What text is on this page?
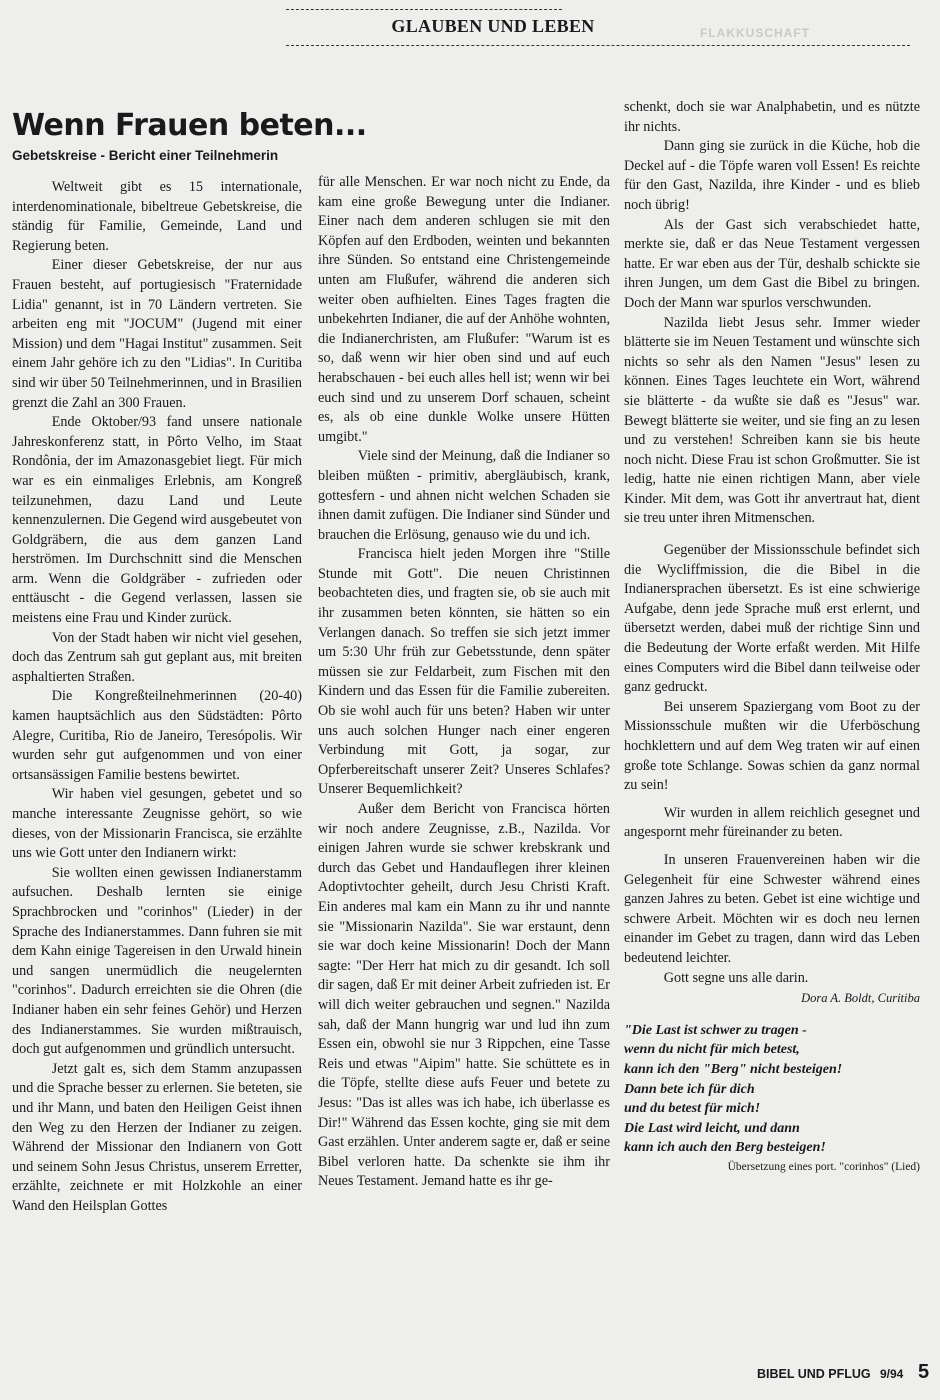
GLAUBEN UND LEBEN	FLAKKUSCHAFT
Wenn Frauen beten...
Gebetskreise - Bericht einer Teilnehmerin

Weltweit gibt es 15 internationale, interdenominationale, bibeltreue Gebetskreise, die ständig für Familie, Gemeinde, Land und Regierung beten.

Einer dieser Gebetskreise, der nur aus Frauen besteht, auf portugiesisch "Fraternidade Lidia" genannt, ist in 70 Ländern vertreten. Sie arbeiten eng mit "JOCUM" (Jugend mit einer Mission) und dem "Hagai Institut" zusammen. Seit einem Jahr gehöre ich zu den "Lidias". In Curitiba sind wir über 50 Teilnehmerinnen, und in Brasilien grenzt die Zahl an 300 Frauen.

Ende Oktober/93 fand unsere nationale Jahreskonferenz statt, in Pôrto Velho, im Staat Rondônia, der im Amazonasgebiet liegt. Für mich war es ein einmaliges Erlebnis, am Kongreß teilzunehmen, dazu Land und Leute kennenzulernen. Die Gegend wird ausgebeutet von Goldgräbern, die aus dem ganzen Land herströmen. Im Durchschnitt sind die Menschen arm. Wenn die Goldgräber - zufrieden oder enttäuscht - die Gegend verlassen, lassen sie meistens eine Frau und Kinder zurück.

Von der Stadt haben wir nicht viel gesehen, doch das Zentrum sah gut geplant aus, mit breiten asphaltierten Straßen.

Die Kongreßteilnehmerinnen (20-40) kamen hauptsächlich aus den Südstädten: Pôrto Alegre, Curitiba, Rio de Janeiro, Teresópolis. Wir wurden sehr gut aufgenommen und von einer ortsansässigen Familie bestens bewirtet.

Wir haben viel gesungen, gebetet und so manche interessante Zeugnisse gehört, so wie dieses, von der Missionarin Francisca, sie erzählte uns wie Gott unter den Indianern wirkt:

Sie wollten einen gewissen Indianerstamm aufsuchen. Deshalb lernten sie einige Sprachbrocken und "corinhos" (Lieder) in der Sprache des Indianerstammes. Dann fuhren sie mit dem Kahn einige Tagereisen in den Urwald hinein und sangen unermüdlich die neugelernten "corinhos". Dadurch erreichten sie die Ohren (die Indianer haben ein sehr feines Gehör) und Herzen des Indianerstammes. Sie wurden mißtrauisch, doch gut aufgenommen und gründlich untersucht.

Jetzt galt es, sich dem Stamm anzupassen und die Sprache besser zu erlernen. Sie beteten, sie und ihr Mann, und baten den Heiligen Geist ihnen den Weg zu den Herzen der Indianer zu zeigen. Während der Missionar den Indianern von Gott und seinem Sohn Jesus Christus, unserem Erretter, erzählte, zeichnete er mit Holzkohle an einer Wand den Heilsplan Gottes

für alle Menschen. Er war noch nicht zu Ende, da kam eine große Bewegung unter die Indianer. Einer nach dem anderen schlugen sie mit den Köpfen auf den Erdboden, weinten und bekannten ihre Sünden. So entstand eine Christengemeinde unten am Flußufer, während die anderen sich weiter oben aufhielten. Eines Tages fragten die unbekehrten Indianer, die auf der Anhöhe wohnten, die Indianerchristen, am Flußufer: "Warum ist es so, daß wenn wir hier oben sind und auf euch herabschauen - bei euch alles hell ist; wenn wir bei euch sind und zu unserem Dorf schauen, scheint es, als ob eine dunkle Wolke unsere Hütten umgibt."

Viele sind der Meinung, daß die Indianer so bleiben müßten - primitiv, abergläubisch, krank, gottesfern - und ahnen nicht welchen Schaden sie ihnen damit zufügen. Die Indianer sind Sünder und brauchen die Erlösung, genauso wie du und ich.

Francisca hielt jeden Morgen ihre "Stille Stunde mit Gott". Die neuen Christinnen beobachteten dies, und fragten sie, ob sie auch mit ihr zusammen beten könnten, sie hätten so ein Verlangen danach. So treffen sie sich jetzt immer um 5:30 Uhr früh zur Gebetsstunde, denn später müssen sie zur Feldarbeit, zum Fischen mit den Kindern und das Essen für die Familie zubereiten. Ob sie wohl auch für uns beten? Haben wir unter uns auch solchen Hunger nach einer engeren Verbindung mit Gott, ja sogar, zur Opferbereitschaft unserer Zeit? Unseres Schlafes? Unserer Bequemlichkeit?

Außer dem Bericht von Francisca hörten wir noch andere Zeugnisse, z.B., Nazilda. Vor einigen Jahren wurde sie schwer krebskrank und durch das Gebet und Handauflegen ihrer kleinen Adoptivtochter geheilt, durch Jesu Christi Kraft. Ein anderes mal kam ein Mann zu ihr und nannte sie "Missionarin Nazilda". Sie war erstaunt, denn sie war doch keine Missionarin! Doch der Mann sagte: "Der Herr hat mich zu dir gesandt. Ich soll dir sagen, daß Er mit deiner Arbeit zufrieden ist. Er will dich weiter gebrauchen und segnen." Nazilda sah, daß der Mann hungrig war und lud ihn zum Essen ein, obwohl sie nur 3 Rippchen, eine Tasse Reis und etwas "Aipim" hatte. Sie schüttete es in die Töpfe, stellte diese aufs Feuer und betete zu Jesus: "Das ist alles was ich habe, ich überlasse es Dir!" Während das Essen kochte, ging sie mit dem Gast erzählen. Unter anderem sagte er, daß er seine Bibel verloren hatte. Da schenkte sie ihm ihr Neues Testament. Jemand hatte es ihr ge-

schenkt, doch sie war Analphabetin, und es nützte ihr nichts.

Dann ging sie zurück in die Küche, hob die Deckel auf - die Töpfe waren voll Essen! Es reichte für den Gast, Nazilda, ihre Kinder - und es blieb noch übrig!

Als der Gast sich verabschiedet hatte, merkte sie, daß er das Neue Testament vergessen hatte. Er war eben aus der Tür, deshalb schickte sie ihren Jungen, um dem Gast die Bibel zu bringen. Doch der Mann war spurlos verschwunden.

Nazilda liebt Jesus sehr. Immer wieder blätterte sie im Neuen Testament und wünschte sich nichts so sehr als den Namen "Jesus" lesen zu können. Eines Tages leuchtete ein Wort, während sie blätterte - da wußte sie daß es "Jesus" war. Bewegt blätterte sie weiter, und sie fing an zu lesen und zu verstehen! Schreiben kann sie bis heute noch nicht. Diese Frau ist schon Großmutter. Sie ist ledig, hatte nie einen richtigen Mann, aber viele Kinder. Mit dem, was Gott ihr anvertraut hat, dient sie treu unter ihren Mitmenschen.

Gegenüber der Missionsschule befindet sich die Wycliffmission, die die Bibel in die Indianersprachen übersetzt. Es ist eine schwierige Aufgabe, denn jede Sprache muß erst erlernt, und übersetzt werden, dabei muß der richtige Sinn und die Bedeutung der Worte erfaßt werden. Mit Hilfe eines Computers wird die Bibel dann teilweise oder ganz gedruckt.

Bei unserem Spaziergang vom Boot zu der Missionsschule mußten wir die Uferböschung hochklettern und auf dem Weg traten wir auf einen große tote Schlange. Sowas schien da ganz normal zu sein!

Wir wurden in allem reichlich gesegnet und angespornt mehr füreinander zu beten.

In unseren Frauenvereinen haben wir die Gelegenheit für eine Schwester während eines ganzen Jahres zu beten. Gebet ist eine wichtige und schwere Arbeit. Möchten wir es doch neu lernen einander im Gebet zu tragen, dann wird das Leben bedeutend leichter.

Gott segne uns alle darin.

Dora A. Boldt, Curitiba
"Die Last ist schwer zu tragen -
wenn du nicht für mich betest,
kann ich den "Berg" nicht besteigen!
Dann bete ich für dich
und du betest für mich!
Die Last wird leicht, und dann
kann ich auch den Berg besteigen!
Übersetzung eines port. "corinhos" (Lied)
BIBEL UND PFLUG 9/94 5
